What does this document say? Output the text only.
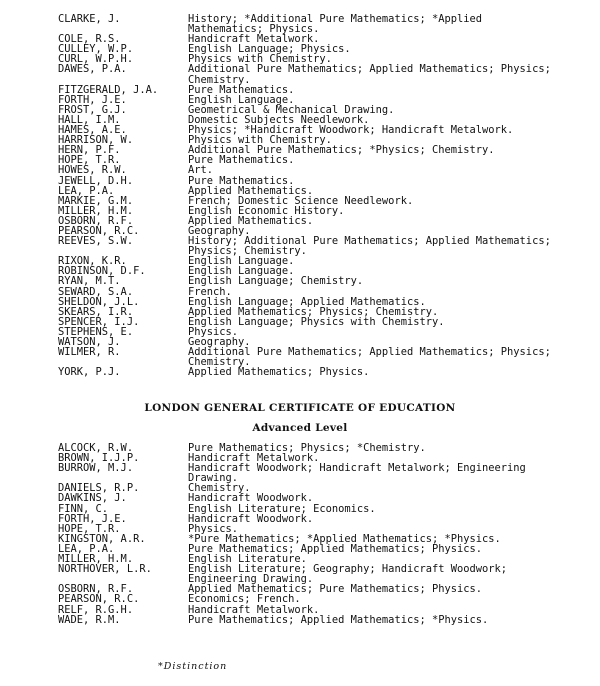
CLARKE, J.	History; *Additional Pure Mathematics; *Applied Mathematics; Physics.
COLE, R.S.	Handicraft Metalwork.
CULLEY, W.P.	English Language; Physics.
CURL, W.P.H.	Physics with Chemistry.
DAWES, P.A.	Additional Pure Mathematics; Applied Mathematics; Physics; Chemistry.
FITZGERALD, J.A.	Pure Mathematics.
FORTH, J.E.	English Language.
FROST, G.J.	Geometrical & Mechanical Drawing.
HALL, I.M.	Domestic Subjects Needlework.
HAMES, A.E.	Physics; *Handicraft Woodwork; Handicraft Metalwork.
HARRISON, W.	Physics with Chemistry.
HERN, P.F.	Additional Pure Mathematics; *Physics; Chemistry.
HOPE, T.R.	Pure Mathematics.
HOWES, R.W.	Art.
JEWELL, D.H.	Pure Mathematics.
LEA, P.A.	Applied Mathematics.
MARKIE, G.M.	French; Domestic Science Needlework.
MILLER, H.M.	English Economic History.
OSBORN, R.F.	Applied Mathematics.
PEARSON, R.C.	Geography.
REEVES, S.W.	History; Additional Pure Mathematics; Applied Mathematics; Physics; Chemistry.
RIXON, K.R.	English Language.
ROBINSON, D.F.	English Language.
RYAN, M.T.	English Language; Chemistry.
SEWARD, S.A.	French.
SHELDON, J.L.	English Language; Applied Mathematics.
SKEARS, I.R.	Applied Mathematics; Physics; Chemistry.
SPENCER, I.J.	English Language; Physics with Chemistry.
STEPHENS, E.	Physics.
WATSON, J.	Geography.
WILMER, R.	Additional Pure Mathematics; Applied Mathematics; Physics; Chemistry.
YORK, P.J.	Applied Mathematics; Physics.
LONDON GENERAL CERTIFICATE OF EDUCATION
Advanced Level
ALCOCK, R.W.	Pure Mathematics; Physics; *Chemistry.
BROWN, I.J.P.	Handicraft Metalwork.
BURROW, M.J.	Handicraft Woodwork; Handicraft Metalwork; Engineering Drawing.
DANIELS, R.P.	Chemistry.
DAWKINS, J.	Handicraft Woodwork.
FINN, C.	English Literature; Economics.
FORTH, J.E.	Handicraft Woodwork.
HOPE, T.R.	Physics.
KINGSTON, A.R.	*Pure Mathematics; *Applied Mathematics; *Physics.
LEA, P.A.	Pure Mathematics; Applied Mathematics; Physics.
MILLER, H.M.	English Literature.
NORTHOVER, L.R.	English Literature; Geography; Handicraft Woodwork; Engineering Drawing.
OSBORN, R.F.	Applied Mathematics; Pure Mathematics; Physics.
PEARSON, R.C.	Economics; French.
RELF, R.G.H.	Handicraft Metalwork.
WADE, R.M.	Pure Mathematics; Applied Mathematics; *Physics.
*Distinction
